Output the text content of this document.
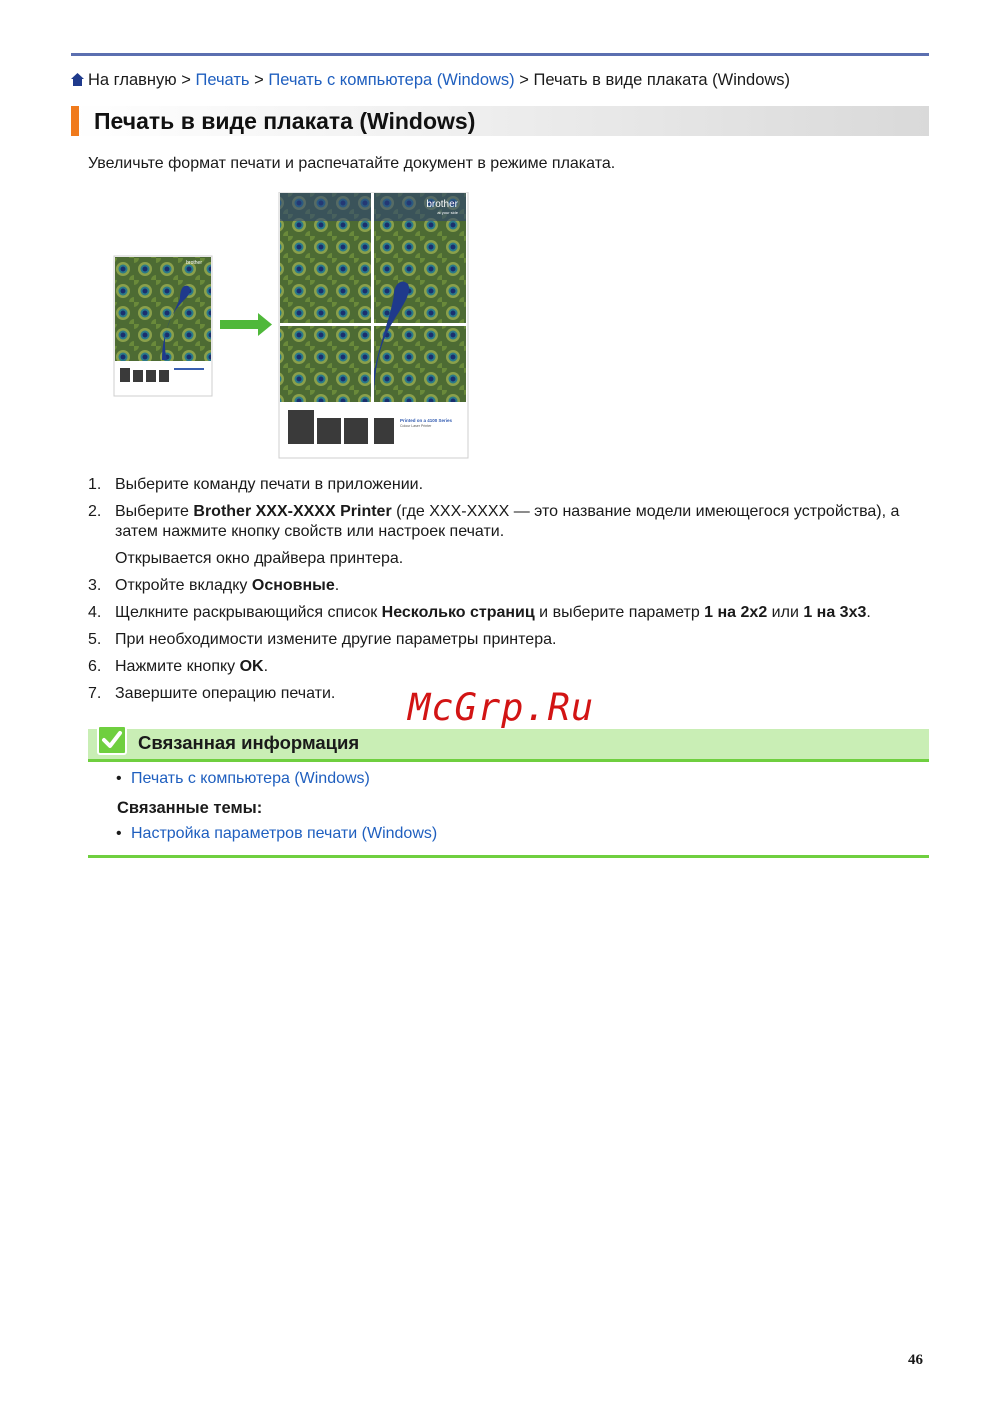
На главную > Печать > Печать с компьютера (Windows) > Печать в виде плаката (Windows)
Печать в виде плаката (Windows)
Увеличьте формат печати и распечатайте документ в режиме плаката.
brother
brother
at your side
Printed on a 4100 Series
Colour Laser Printer
1. Выберите команду печати в приложении.
2. Выберите Brother XXX-XXXX Printer (где XXX-XXXX — это название модели имеющегося устройства), а затем нажмите кнопку свойств или настроек печати.
Открывается окно драйвера принтера.
3. Откройте вкладку Основные.
4. Щелкните раскрывающийся список Несколько страниц и выберите параметр 1 на 2x2 или 1 на 3x3.
5. При необходимости измените другие параметры принтера.
6. Нажмите кнопку OK.
7. Завершите операцию печати.	McGrp.Ru
Связанная информация
• Печать с компьютера (Windows)
Связанные темы:
• Настройка параметров печати (Windows)
46
